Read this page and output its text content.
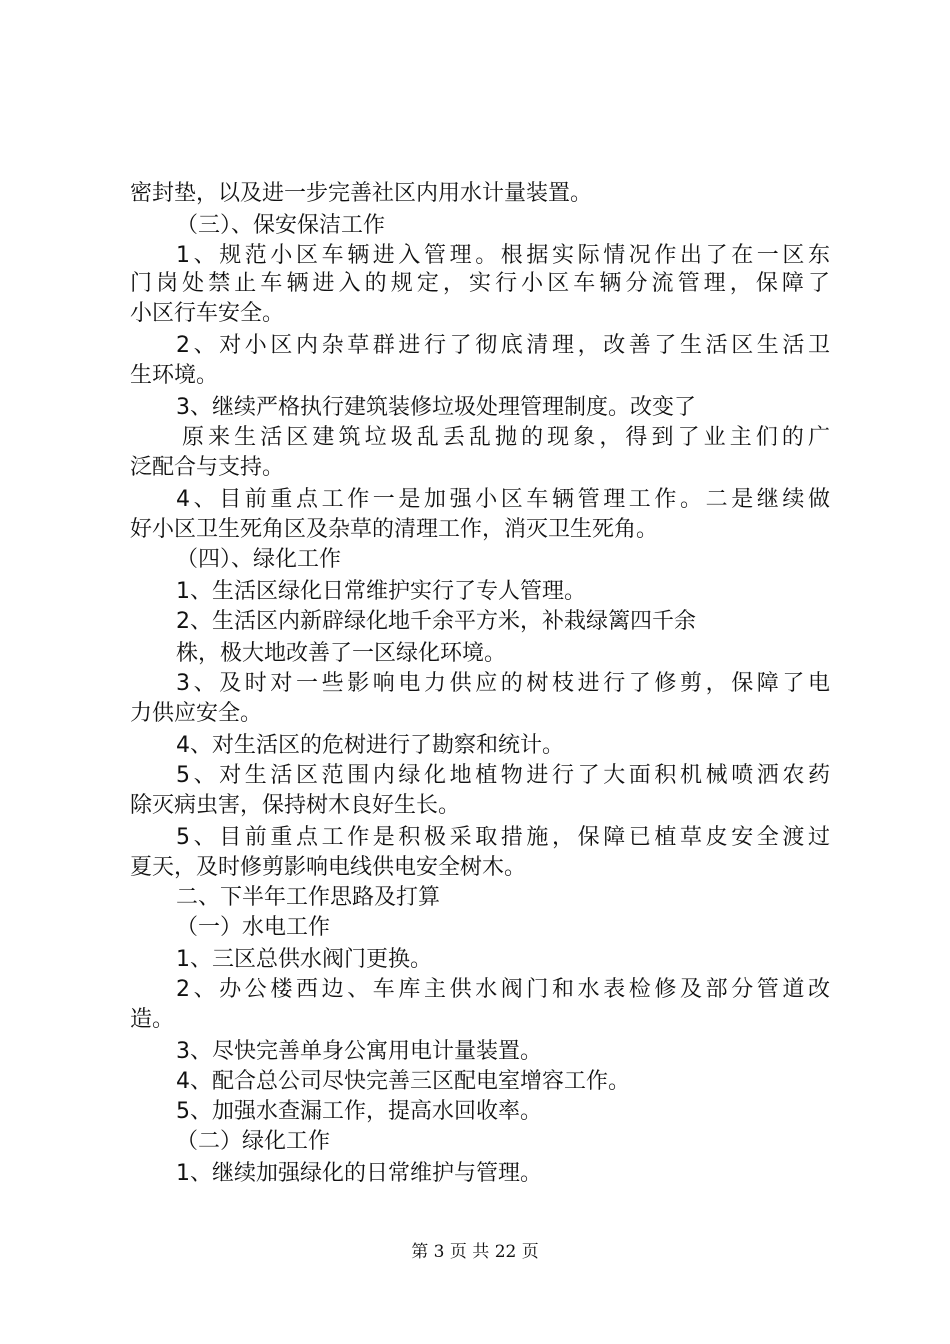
密封垫，以及进一步完善社区内用水计量装置。

（三）、保安保洁工作

1、规范小区车辆进入管理。根据实际情况作出了在一区东

门岗处禁止车辆进入的规定，实行小区车辆分流管理，保障了

小区行车安全。

2、对小区内杂草群进行了彻底清理，改善了生活区生活卫

生环境。

3、继续严格执行建筑装修垃圾处理管理制度。改变了

原来生活区建筑垃圾乱丢乱抛的现象，得到了业主们的广

泛配合与支持。

4、目前重点工作一是加强小区车辆管理工作。二是继续做

好小区卫生死角区及杂草的清理工作，消灭卫生死角。

（四）、绿化工作

1、生活区绿化日常维护实行了专人管理。

2、生活区内新辟绿化地千余平方米，补栽绿篱四千余

株，极大地改善了一区绿化环境。

3、及时对一些影响电力供应的树枝进行了修剪，保障了电

力供应安全。

4、对生活区的危树进行了勘察和统计。

5、对生活区范围内绿化地植物进行了大面积机械喷洒农药

除灭病虫害，保持树木良好生长。

5、目前重点工作是积极采取措施，保障已植草皮安全渡过

夏天，及时修剪影响电线供电安全树木。

二、下半年工作思路及打算

（一）水电工作

1、三区总供水阀门更换。

2、办公楼西边、车库主供水阀门和水表检修及部分管道改

造。

3、尽快完善单身公寓用电计量装置。

4、配合总公司尽快完善三区配电室增容工作。

5、加强水查漏工作，提高水回收率。

（二）绿化工作

1、继续加强绿化的日常维护与管理。

第 3 页 共 22 页
